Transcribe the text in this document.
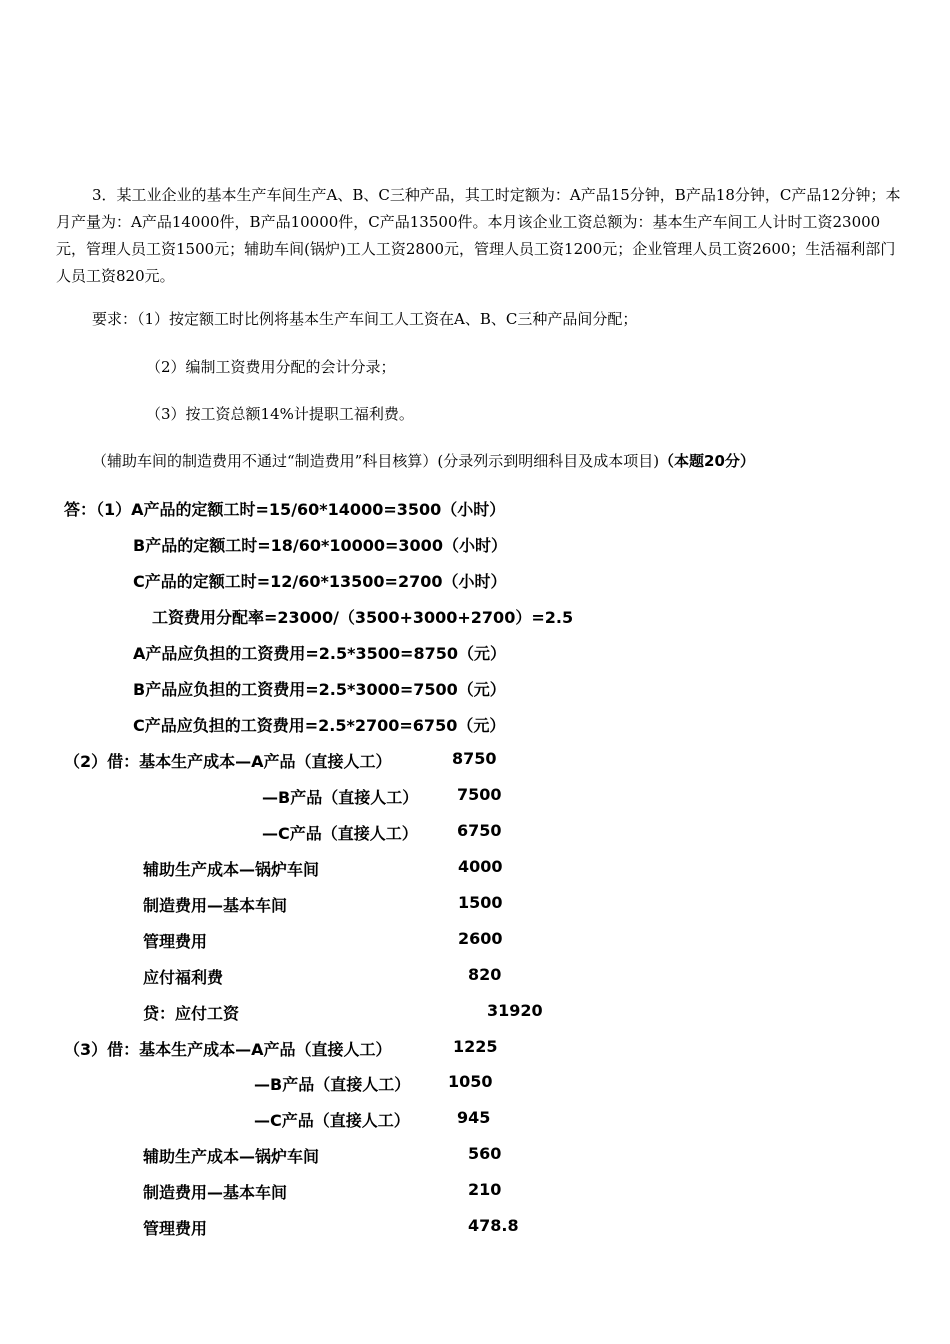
3．某工业企业的基本生产车间生产A、B、C三种产品，其工时定额为：A产品15分钟，B产品18分钟，C产品12分钟；本月产量为：A产品14000件，B产品10000件，C产品13500件。本月该企业工资总额为：基本生产车间工人计时工资23000元，管理人员工资1500元；辅助车间(锅炉)工人工资2800元，管理人员工资1200元；企业管理人员工资2600；生活福利部门人员工资820元。

要求：（1）按定额工时比例将基本生产车间工人工资在A、B、C三种产品间分配；
（2）编制工资费用分配的会计分录；
（3）按工资总额14%计提职工福利费。
（辅助车间的制造费用不通过“制造费用”科目核算）(分录列示到明细科目及成本项目)（本题20分）
答：（1）A产品的定额工时=15/60*14000=3500（小时）
B产品的定额工时=18/60*10000=3000（小时）
C产品的定额工时=12/60*13500=2700（小时）
工资费用分配率=23000/（3500+3000+2700）=2.5
A产品应负担的工资费用=2.5*3500=8750（元）
B产品应负担的工资费用=2.5*3000=7500（元）
C产品应负担的工资费用=2.5*2700=6750（元）
（2）借：基本生产成本—A产品（直接人工）	8750
—B产品（直接人工） 7500
—C产品（直接人工） 6750
辅助生产成本—锅炉车间	4000
制造费用—基本车间	1500
管理费用	2600
应付福利费	820
贷：应付工资	31920
（3）借：基本生产成本—A产品（直接人工）	1225
—B产品（直接人工） 1050
—C产品（直接人工）	945
辅助生产成本—锅炉车间	560
制造费用—基本车间	210
管理费用	478.8
